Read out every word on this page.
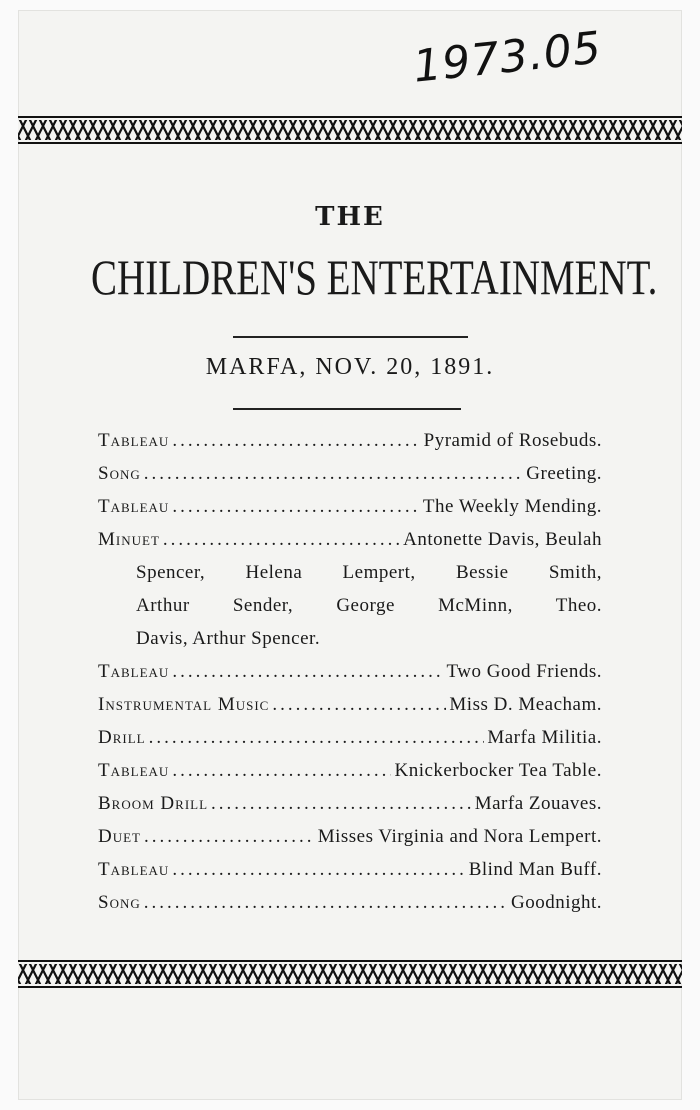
1973.05
THE
CHILDREN'S ENTERTAINMENT.
MARFA, NOV. 20, 1891.
Tableau .....	Pyramid of Rosebuds.
Song .....	Greeting.
Tableau .....	The Weekly Mending.
Minuet .....	Antonette Davis, Beulah
Spencer, Helena Lempert, Bessie Smith,
Arthur Sender, George McMinn, Theo.
Davis, Arthur Spencer.
Tableau .....	Two Good Friends.
Instrumental Music .....	Miss D. Meacham.
Drill .....	Marfa Militia.
Tableau .....	Knickerbocker Tea Table.
Broom Drill .....	Marfa Zouaves.
Duet .....	Misses Virginia and Nora Lempert.
Tableau .....	Blind Man Buff.
Song .....	Goodnight.
